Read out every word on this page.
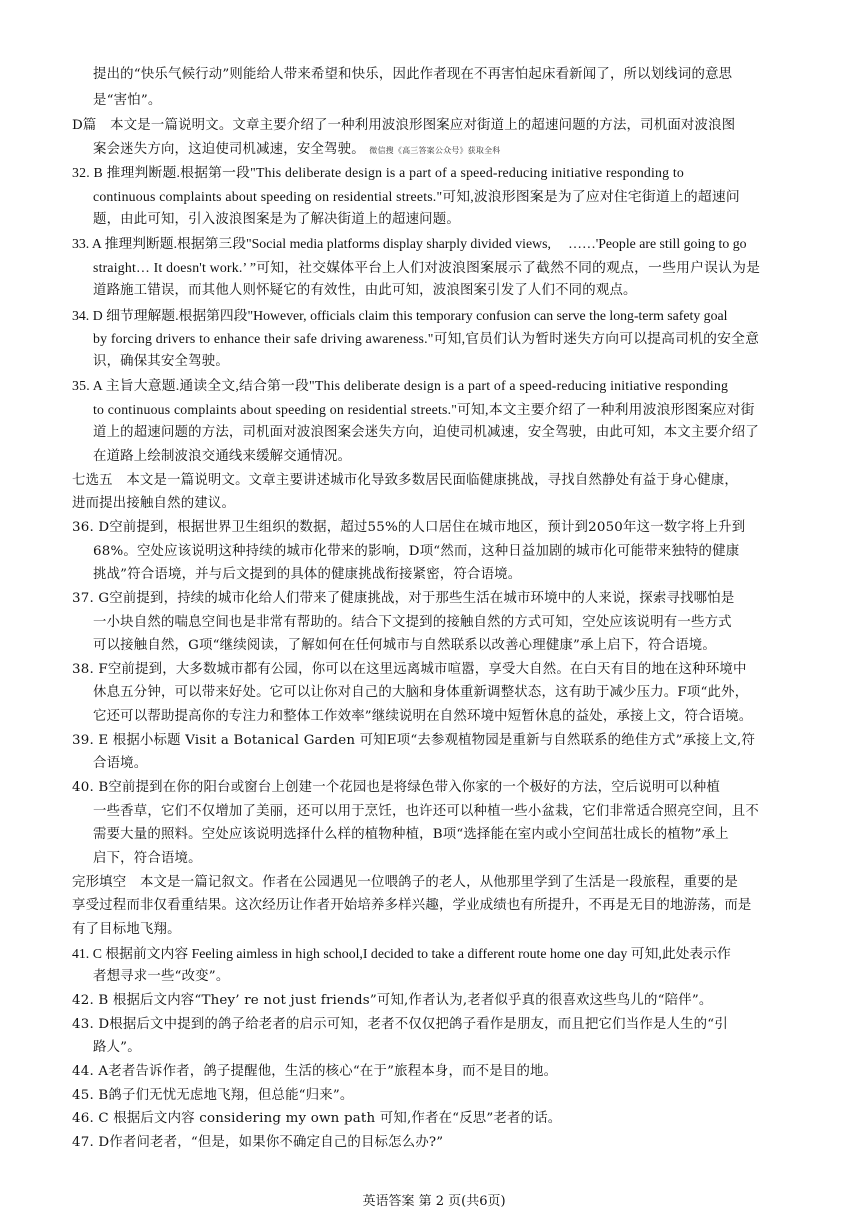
提出的“快乐气候行动”则能给人带来希望和快乐，因此作者现在不再害怕起床看新闻了，所以划线词的意思
是“害怕”。
D篇　本文是一篇说明文。文章主要介绍了一种利用波浪形图案应对街道上的超速问题的方法，司机面对波浪图
案会迷失方向，这迫使司机减速，安全驾驶。 微信搜《高三答案公众号》获取全科
32. B 推理判断题.根据第一段"This deliberate design is a part of a speed-reducing initiative responding to
continuous complaints about speeding on residential streets."可知,波浪形图案是为了应对住宅街道上的超速问
题，由此可知，引入波浪图案是为了解决街道上的超速问题。
33. A 推理判断题.根据第三段"Social media platforms display sharply divided views,　 ……'People are still going to go
straight… It doesn't work.’ ”可知，社交媒体平台上人们对波浪图案展示了截然不同的观点，一些用户误认为是
道路施工错误，而其他人则怀疑它的有效性，由此可知，波浪图案引发了人们不同的观点。
34. D 细节理解题.根据第四段"However, officials claim this temporary confusion can serve the long-term safety goal
by forcing drivers to enhance their safe driving awareness."可知,官员们认为暂时迷失方向可以提高司机的安全意
识，确保其安全驾驶。
35. A 主旨大意题.通读全文,结合第一段"This deliberate design is a part of a speed-reducing initiative responding
to continuous complaints about speeding on residential streets."可知,本文主要介绍了一种利用波浪形图案应对街
道上的超速问题的方法，司机面对波浪图案会迷失方向，迫使司机减速，安全驾驶，由此可知，本文主要介绍了
在道路上绘制波浪交通线来缓解交通情况。
七选五　本文是一篇说明文。文章主要讲述城市化导致多数居民面临健康挑战，寻找自然静处有益于身心健康，
进而提出接触自然的建议。
36. D空前提到，根据世界卫生组织的数据，超过55%的人口居住在城市地区，预计到2050年这一数字将上升到
68%。空处应该说明这种持续的城市化带来的影响，D项“然而，这种日益加剧的城市化可能带来独特的健康
挑战”符合语境，并与后文提到的具体的健康挑战衔接紧密，符合语境。
37. G空前提到，持续的城市化给人们带来了健康挑战，对于那些生活在城市环境中的人来说，探索寻找哪怕是
一小块自然的喘息空间也是非常有帮助的。结合下文提到的接触自然的方式可知，空处应该说明有一些方式
可以接触自然，G项“继续阅读，了解如何在任何城市与自然联系以改善心理健康”承上启下，符合语境。
38. F空前提到，大多数城市都有公园，你可以在这里远离城市喧嚣，享受大自然。在白天有目的地在这种环境中
休息五分钟，可以带来好处。它可以让你对自己的大脑和身体重新调整状态，这有助于减少压力。F项“此外，
它还可以帮助提高你的专注力和整体工作效率”继续说明在自然环境中短暂休息的益处，承接上文，符合语境。
39. E 根据小标题 Visit a Botanical Garden 可知E项“去参观植物园是重新与自然联系的绝佳方式”承接上文,符
合语境。
40. B空前提到在你的阳台或窗台上创建一个花园也是将绿色带入你家的一个极好的方法，空后说明可以种植
一些香草，它们不仅增加了美丽，还可以用于烹饪，也许还可以种植一些小盆栽，它们非常适合照亮空间，且不
需要大量的照料。空处应该说明选择什么样的植物种植，B项“选择能在室内或小空间茁壮成长的植物”承上
启下，符合语境。
完形填空　本文是一篇记叙文。作者在公园遇见一位喂鸽子的老人，从他那里学到了生活是一段旅程，重要的是
享受过程而非仅看重结果。这次经历让作者开始培养多样兴趣，学业成绩也有所提升，不再是无目的地游荡，而是
有了目标地飞翔。
41. C 根据前文内容 Feeling aimless in high school,I decided to take a different route home one day 可知,此处表示作
者想寻求一些“改变”。
42. B 根据后文内容“They’ re not just friends”可知,作者认为,老者似乎真的很喜欢这些鸟儿的“陪伴”。
43. D根据后文中提到的鸽子给老者的启示可知，老者不仅仅把鸽子看作是朋友，而且把它们当作是人生的“引
路人”。
44. A老者告诉作者，鸽子提醒他，生活的核心“在于”旅程本身，而不是目的地。
45. B鸽子们无忧无虑地飞翔，但总能“归来”。
46. C 根据后文内容 considering my own path 可知,作者在“反思”老者的话。
47. D作者问老者，“但是，如果你不确定自己的目标怎么办?”
英语答案 第 2 页(共6页)
